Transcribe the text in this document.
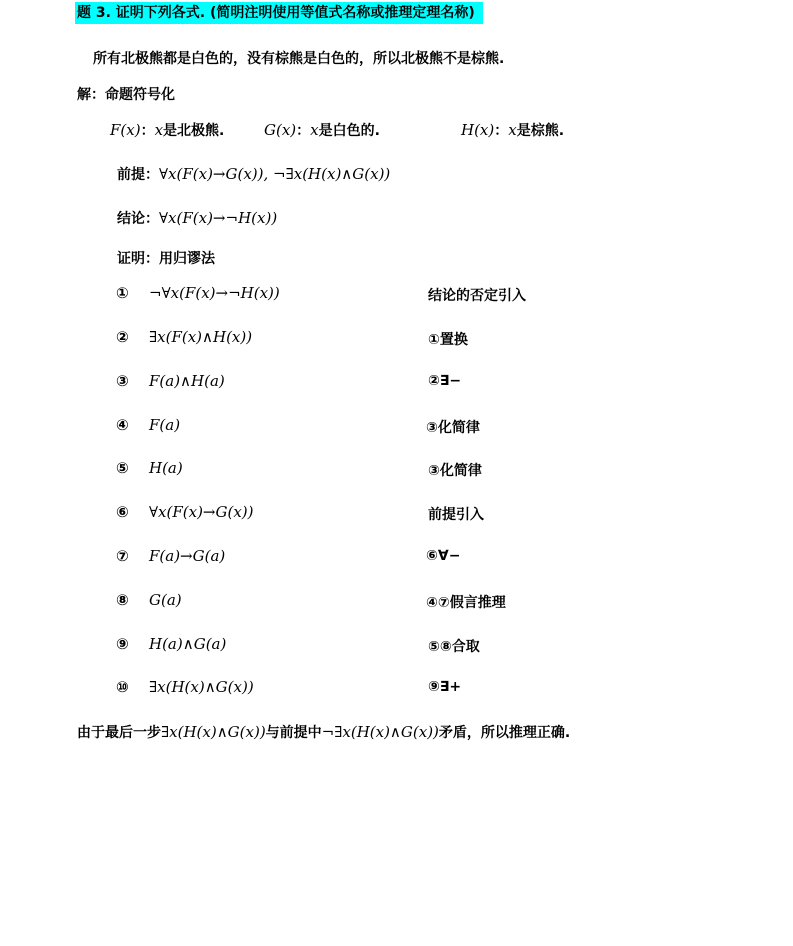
题 3. 证明下列各式. (简明注明使用等值式名称或推理定理名称)
所有北极熊都是白色的，没有棕熊是白色的，所以北极熊不是棕熊.
解：命题符号化
F(x)：x是北极熊.	G(x)：x是白色的.	H(x)：x是棕熊.
前提：∀x(F(x)→G(x)), ¬∃x(H(x)∧G(x))
结论：∀x(F(x)→¬H(x))
证明：用归谬法
① ¬∀x(F(x)→¬H(x))	结论的否定引入
② ∃x(F(x)∧H(x))	①置换
③ F(a)∧H(a)	②∃−
④ F(a)	③化简律
⑤ H(a)	③化简律
⑥ ∀x(F(x)→G(x))	前提引入
⑦ F(a)→G(a)	⑥∀−
⑧ G(a)	④⑦假言推理
⑨ H(a)∧G(a)	⑤⑧合取
⑩ ∃x(H(x)∧G(x))	⑨∃+
由于最后一步∃x(H(x)∧G(x))与前提中¬∃x(H(x)∧G(x))矛盾，所以推理正确.
